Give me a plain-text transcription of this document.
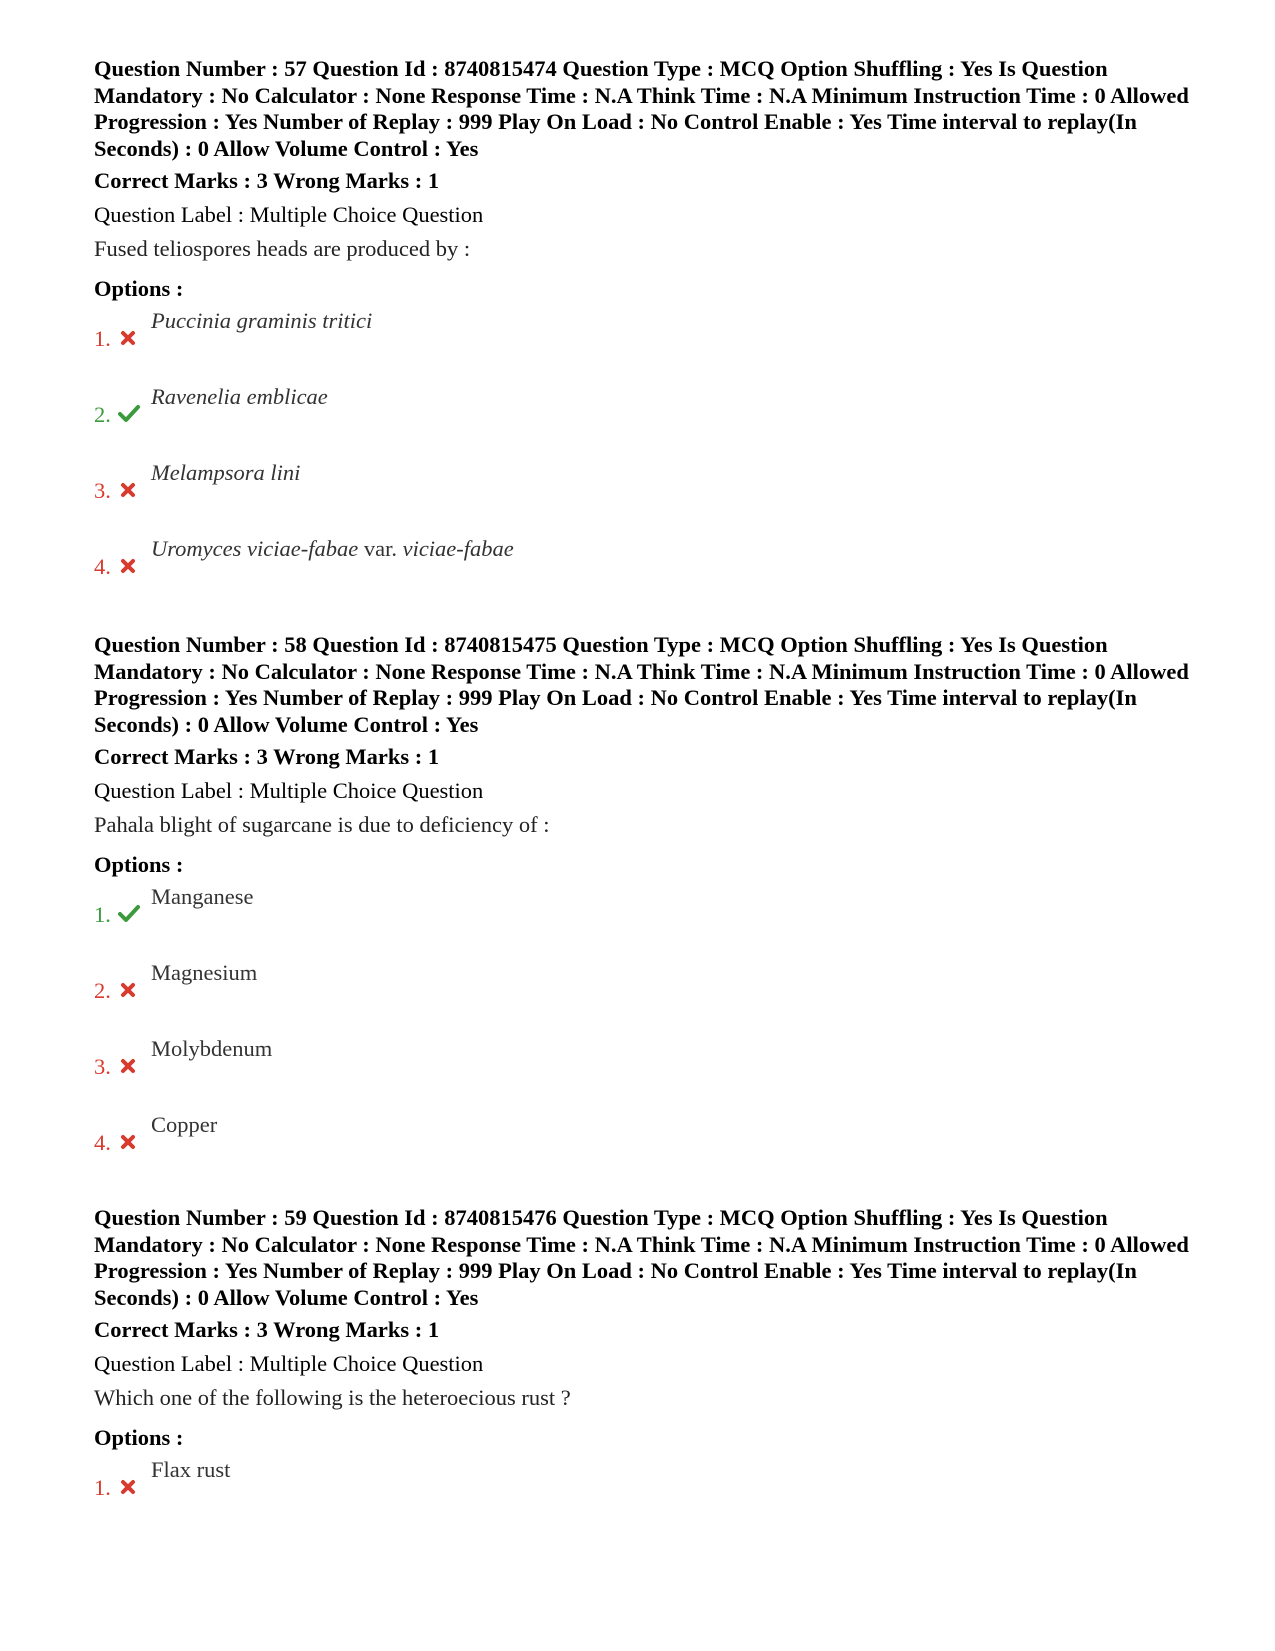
Question Number : 57 Question Id : 8740815474 Question Type : MCQ Option Shuffling : Yes Is Question Mandatory : No Calculator : None Response Time : N.A Think Time : N.A Minimum Instruction Time : 0 Allowed Progression : Yes Number of Replay : 999 Play On Load : No Control Enable : Yes Time interval to replay(In Seconds) : 0 Allow Volume Control : Yes

Correct Marks : 3 Wrong Marks : 1
Question Label : Multiple Choice Question
Fused teliospores heads are produced by :
Options :
1.
Puccinia graminis tritici
2.
Ravenelia emblicae
3.
Melampsora lini
4.
Uromyces viciae-fabae var. viciae-fabae

Question Number : 58 Question Id : 8740815475 Question Type : MCQ Option Shuffling : Yes Is Question Mandatory : No Calculator : None Response Time : N.A Think Time : N.A Minimum Instruction Time : 0 Allowed Progression : Yes Number of Replay : 999 Play On Load : No Control Enable : Yes Time interval to replay(In Seconds) : 0 Allow Volume Control : Yes

Correct Marks : 3 Wrong Marks : 1
Question Label : Multiple Choice Question
Pahala blight of sugarcane is due to deficiency of :
Options :
1.
Manganese
2.
Magnesium
3.
Molybdenum
4.
Copper

Question Number : 59 Question Id : 8740815476 Question Type : MCQ Option Shuffling : Yes Is Question Mandatory : No Calculator : None Response Time : N.A Think Time : N.A Minimum Instruction Time : 0 Allowed Progression : Yes Number of Replay : 999 Play On Load : No Control Enable : Yes Time interval to replay(In Seconds) : 0 Allow Volume Control : Yes

Correct Marks : 3 Wrong Marks : 1
Question Label : Multiple Choice Question
Which one of the following is the heteroecious rust ?
Options :
1.
Flax rust
